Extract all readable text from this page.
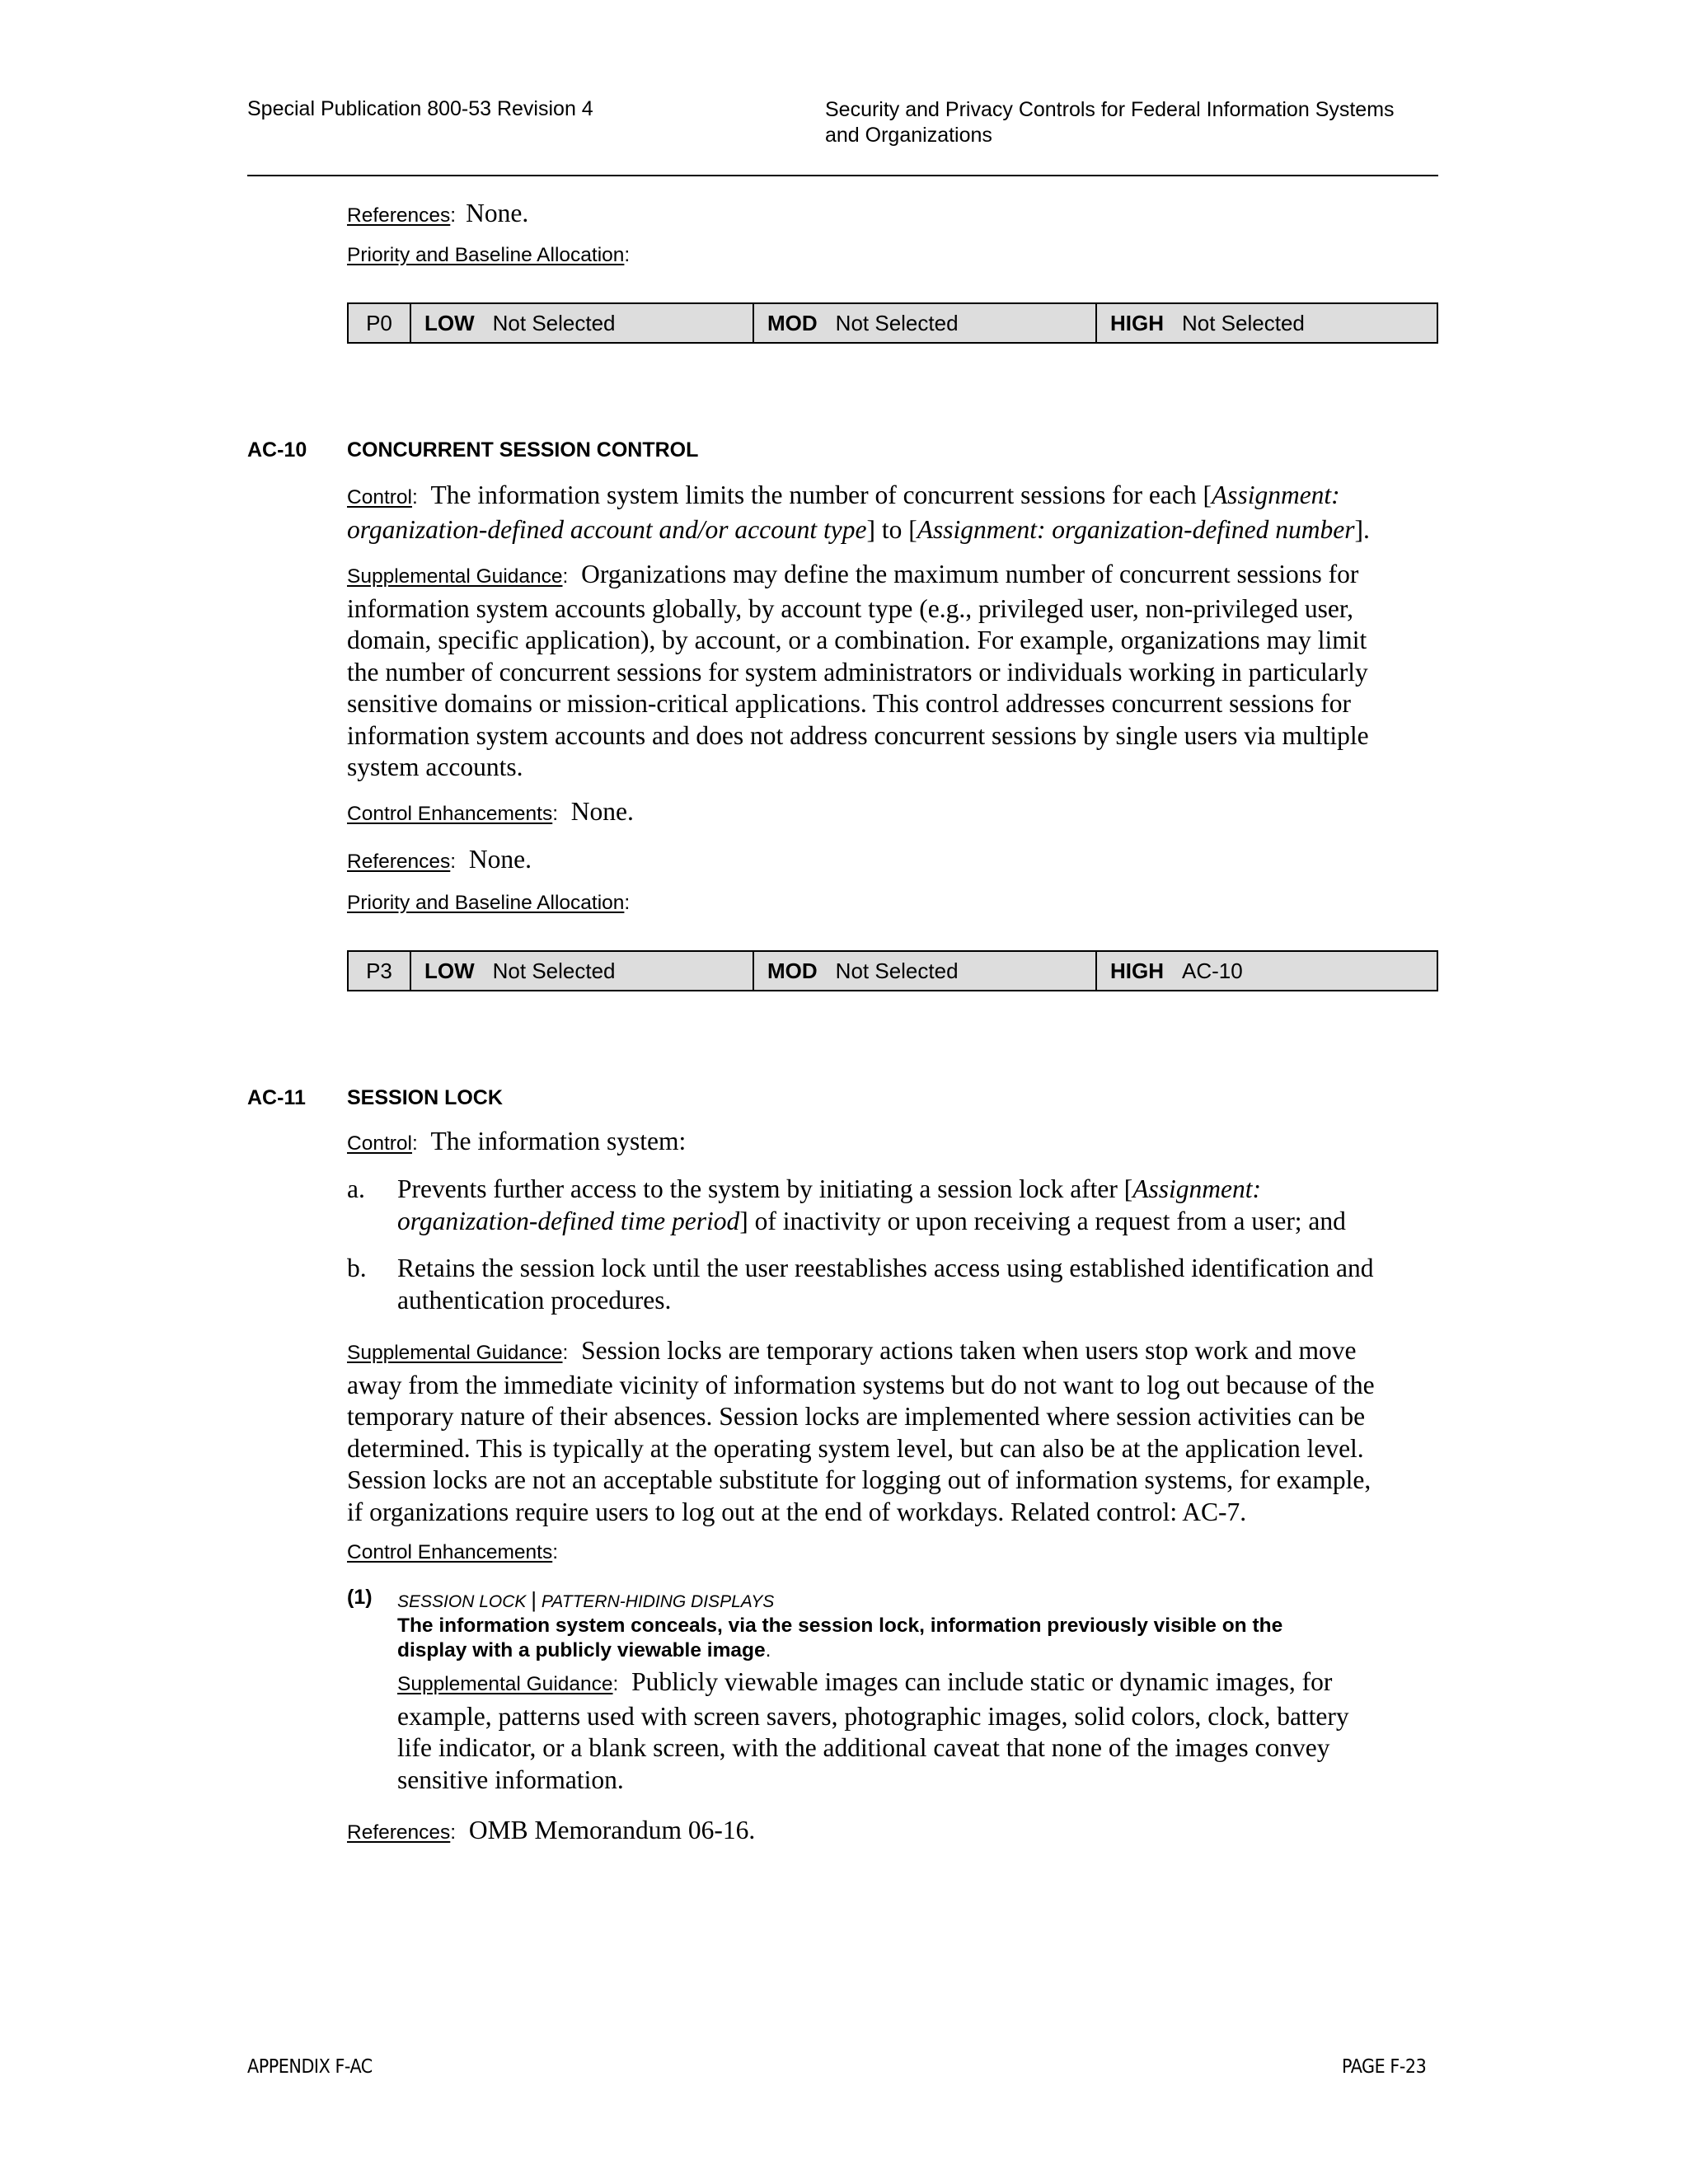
Special Publication 800-53 Revision 4	Security and Privacy Controls for Federal Information Systems
and Organizations
References: None.
Priority and Baseline Allocation:
P0	LOW Not Selected	MOD Not Selected	HIGH Not Selected
AC-10 CONCURRENT SESSION CONTROL
Control: The information system limits the number of concurrent sessions for each [Assignment:
organization-defined account and/or account type] to [Assignment: organization-defined number].
Supplemental Guidance: Organizations may define the maximum number of concurrent sessions for
information system accounts globally, by account type (e.g., privileged user, non-privileged user,
domain, specific application), by account, or a combination. For example, organizations may limit
the number of concurrent sessions for system administrators or individuals working in particularly
sensitive domains or mission-critical applications. This control addresses concurrent sessions for
information system accounts and does not address concurrent sessions by single users via multiple
system accounts.
Control Enhancements: None.
References: None.
Priority and Baseline Allocation:
P3	LOW Not Selected	MOD Not Selected	HIGH AC-10
AC-11 SESSION LOCK
Control: The information system:
a. Prevents further access to the system by initiating a session lock after [Assignment:
organization-defined time period] of inactivity or upon receiving a request from a user; and
b. Retains the session lock until the user reestablishes access using established identification and
authentication procedures.
Supplemental Guidance: Session locks are temporary actions taken when users stop work and move
away from the immediate vicinity of information systems but do not want to log out because of the
temporary nature of their absences. Session locks are implemented where session activities can be
determined. This is typically at the operating system level, but can also be at the application level.
Session locks are not an acceptable substitute for logging out of information systems, for example,
if organizations require users to log out at the end of workdays. Related control: AC-7.
Control Enhancements:
(1) SESSION LOCK | PATTERN-HIDING DISPLAYS
The information system conceals, via the session lock, information previously visible on the
display with a publicly viewable image.
Supplemental Guidance: Publicly viewable images can include static or dynamic images, for
example, patterns used with screen savers, photographic images, solid colors, clock, battery
life indicator, or a blank screen, with the additional caveat that none of the images convey
sensitive information.
References: OMB Memorandum 06-16.
APPENDIX F-AC	PAGE F-23
